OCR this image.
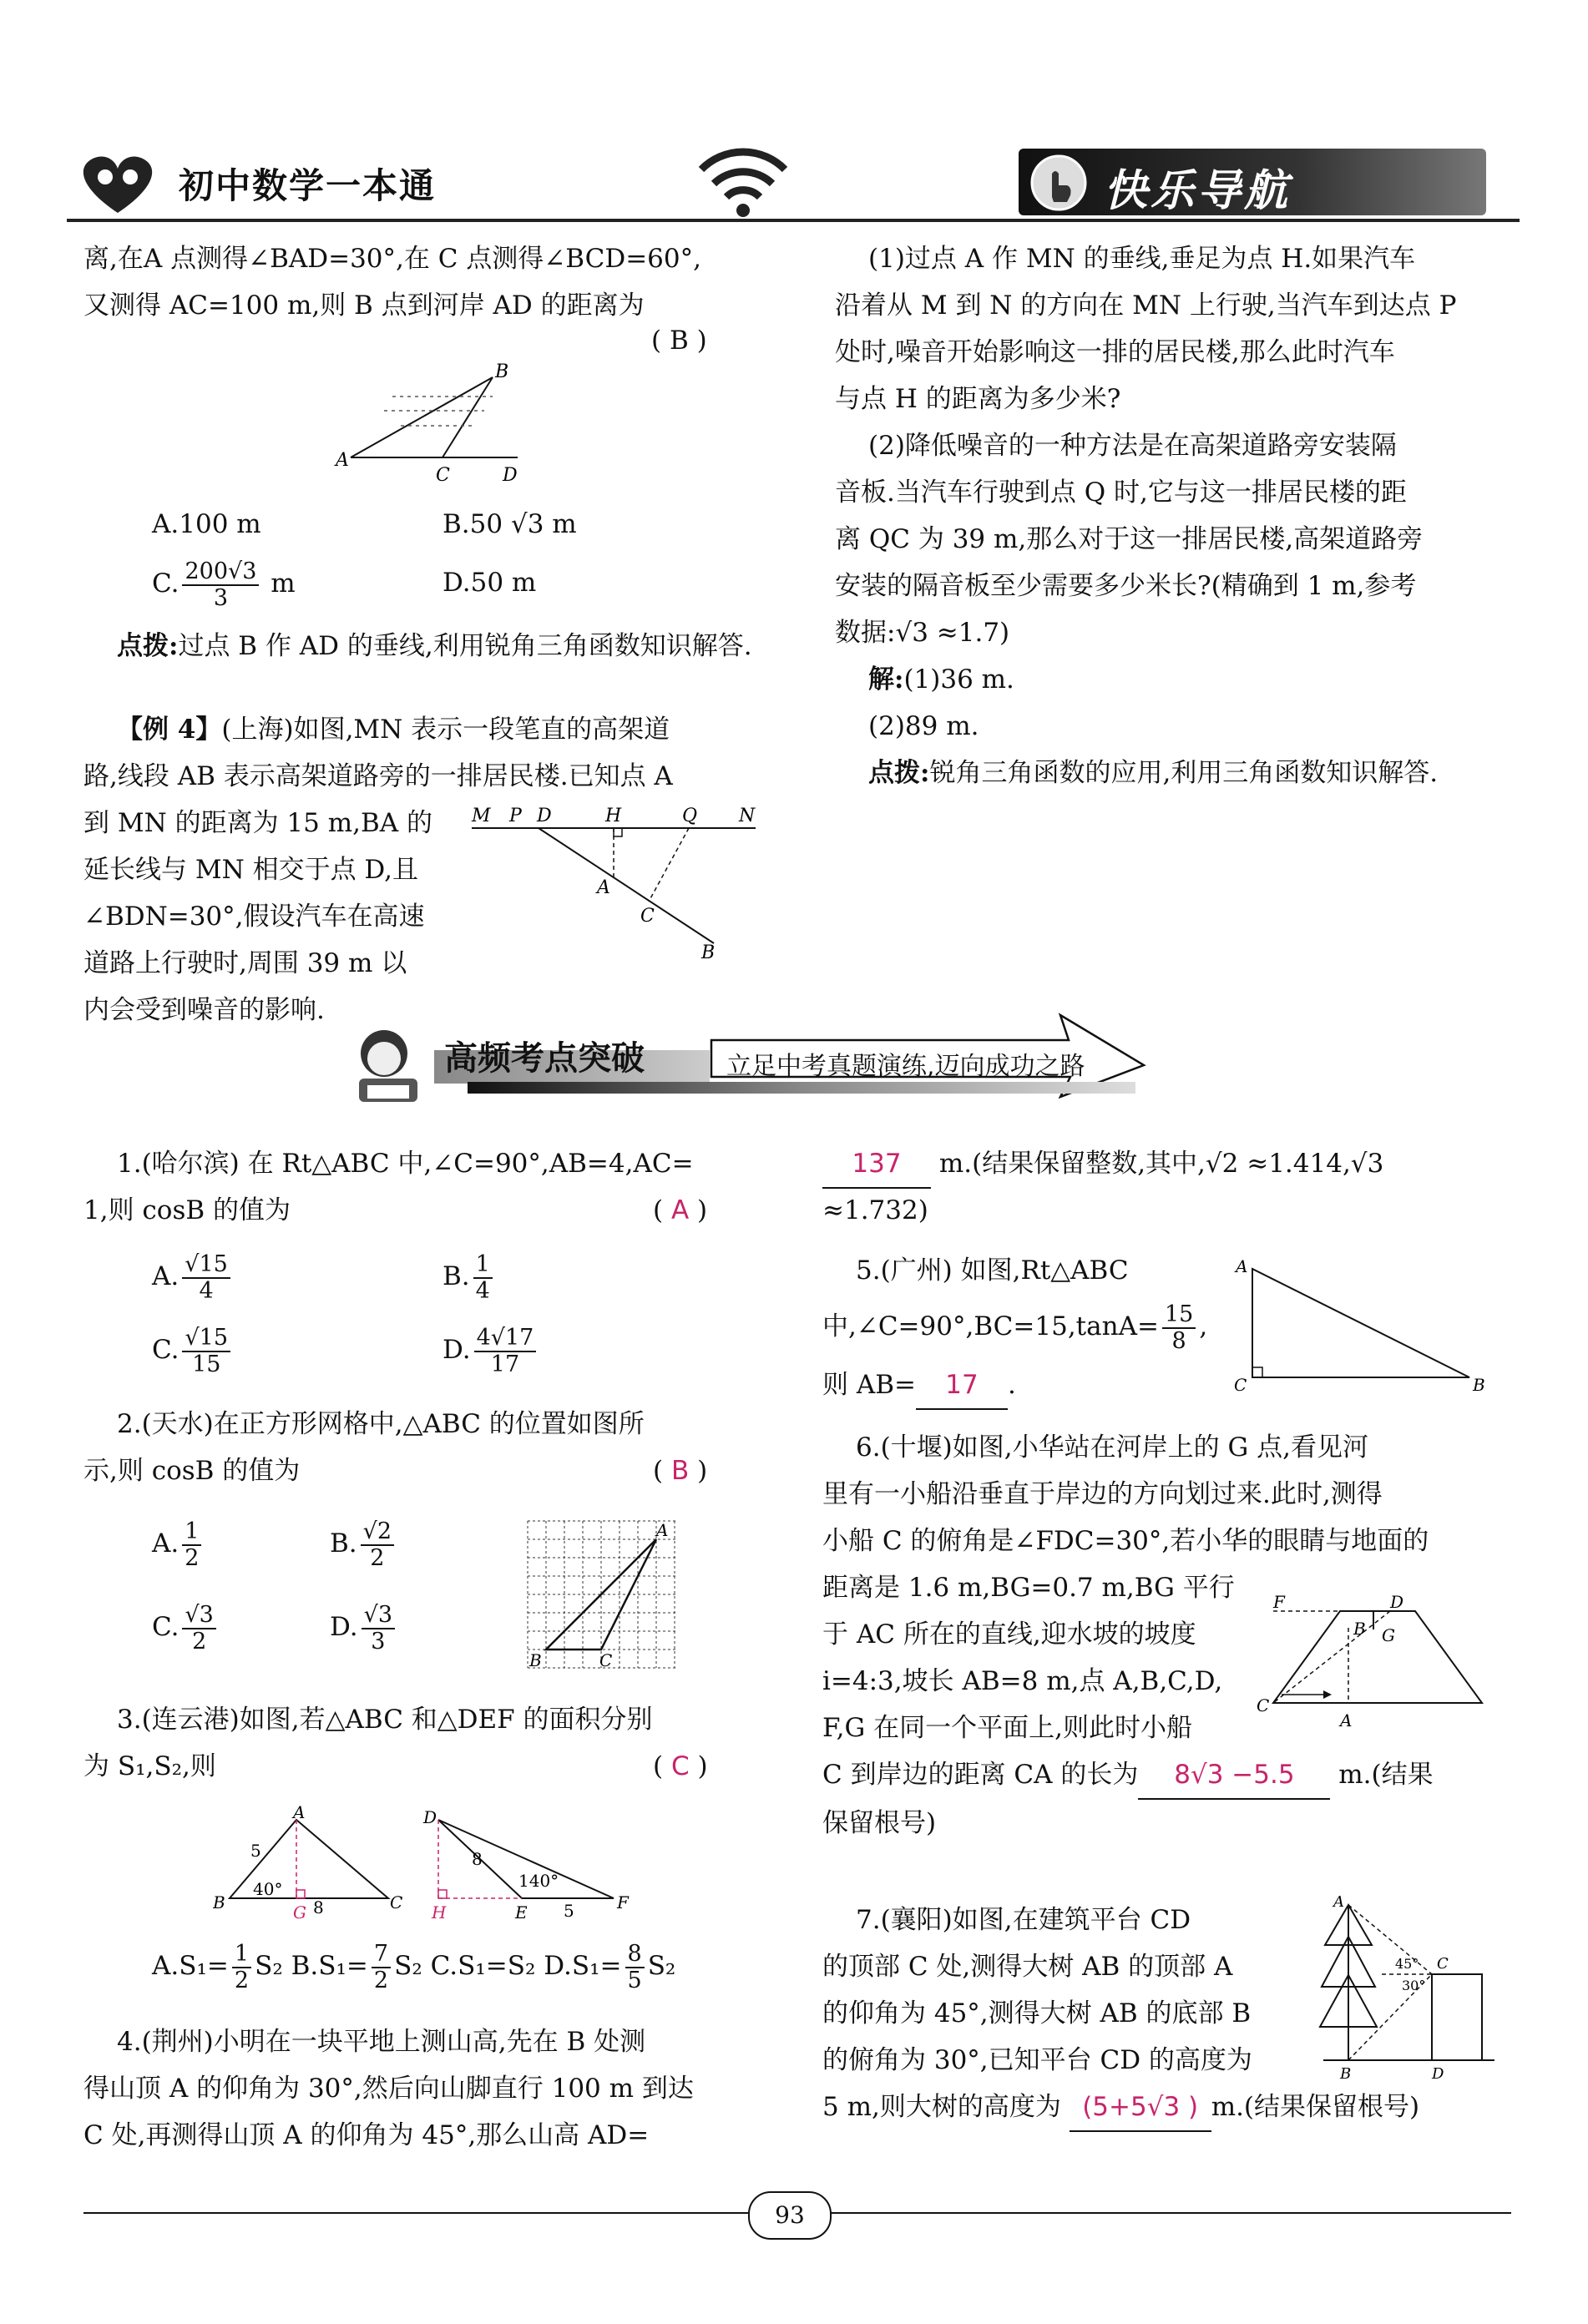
初中数学一本通	快乐导航
离,在A 点测得∠BAD=30°,在 C 点测得∠BCD=60°,
又测得 AC=100 m,则 B 点到河岸 AD 的距离为
( B )
A
B
C	D
A.100 m	B.50 √3 m
C. $\frac{200√3}{3}$ m	D.50 m
点拨:过点 B 作 AD 的垂线,利用锐角三角函数知识解答.
【例 4】(上海)如图,MN 表示一段笔直的高架道
路,线段 AB 表示高架道路旁的一排居民楼.已知点 A
到 MN 的距离为 15 m,BA 的
延长线与 MN 相交于点 D,且
∠BDN=30°,假设汽车在高速
道路上行驶时,周围 39 m 以
内会受到噪音的影响.
M P D	H	Q N
A
C
B
(1)过点 A 作 MN 的垂线,垂足为点 H.如果汽车
沿着从 M 到 N 的方向在 MN 上行驶,当汽车到达点 P
处时,噪音开始影响这一排的居民楼,那么此时汽车
与点 H 的距离为多少米?
(2)降低噪音的一种方法是在高架道路旁安装隔
音板.当汽车行驶到点 Q 时,它与这一排居民楼的距
离 QC 为 39 m,那么对于这一排居民楼,高架道路旁
安装的隔音板至少需要多少米长?(精确到 1 m,参考
数据:√3 ≈1.7)
解:(1)36 m.
(2)89 m.
点拨:锐角三角函数的应用,利用三角函数知识解答.
高频考点突破	立足中考真题演练,迈向成功之路
1.(哈尔滨) 在 Rt△ABC 中,∠C=90°,AB=4,AC=
1,则 cosB 的值为	( A )
A. $\frac{√15}{4}$	B. $\frac{1}{4}$
C. $\frac{√15}{15}$	D. $\frac{4√17}{17}$
2.(天水)在正方形网格中,△ABC 的位置如图所
示,则 cosB 的值为	( B )
A. $\frac{1}{2}$	B. $\frac{√2}{2}$
C. $\frac{√3}{2}$	D. $\frac{√3}{3}$
B	C
A
3.(连云港)如图,若△ABC 和△DEF 的面积分别
为 S₁,S₂,则	( C )
B
A
C
G
5
40°
8
D
H	E	F
8
140°
5
$A.S_1= \frac{1}{2} S_2$ $B.S_1= \frac{7}{2} S_2$ C.S₁=S₂ $D.S_1= \frac{8}{5} S_2$
4.(荆州)小明在一块平地上测山高,先在 B 处测
得山顶 A 的仰角为 30°,然后向山脚直行 100 m 到达
C 处,再测得山顶 A 的仰角为 45°,那么山高 AD=
137 m.(结果保留整数,其中,√2 ≈1.414,√3
≈1.732)
5.(广州) 如图,Rt△ABC
中,∠C=90°,BC=15,tanA= $\frac{15}{8}$ ,
则 AB= 17 .
A
C	B
6.(十堰)如图,小华站在河岸上的 G 点,看见河
里有一小船沿垂直于岸边的方向划过来.此时,测得
小船 C 的俯角是∠FDC=30°,若小华的眼睛与地面的
距离是 1.6 m,BG=0.7 m,BG 平行
于 AC 所在的直线,迎水坡的坡度
i=4:3,坡长 AB=8 m,点 A,B,C,D,
F,G 在同一个平面上,则此时小船
C 到岸边的距离 CA 的长为 8√3 −5.5 m.(结果
保留根号)
F	D
B G
C
A
7.(襄阳)如图,在建筑平台 CD
的顶部 C 处,测得大树 AB 的顶部 A
的仰角为 45°,测得大树 AB 的底部 B
的俯角为 30°,已知平台 CD 的高度为
5 m,则大树的高度为 (5+5√3 ) m.(结果保留根号)
A
C
45°
30°
B	D
93
